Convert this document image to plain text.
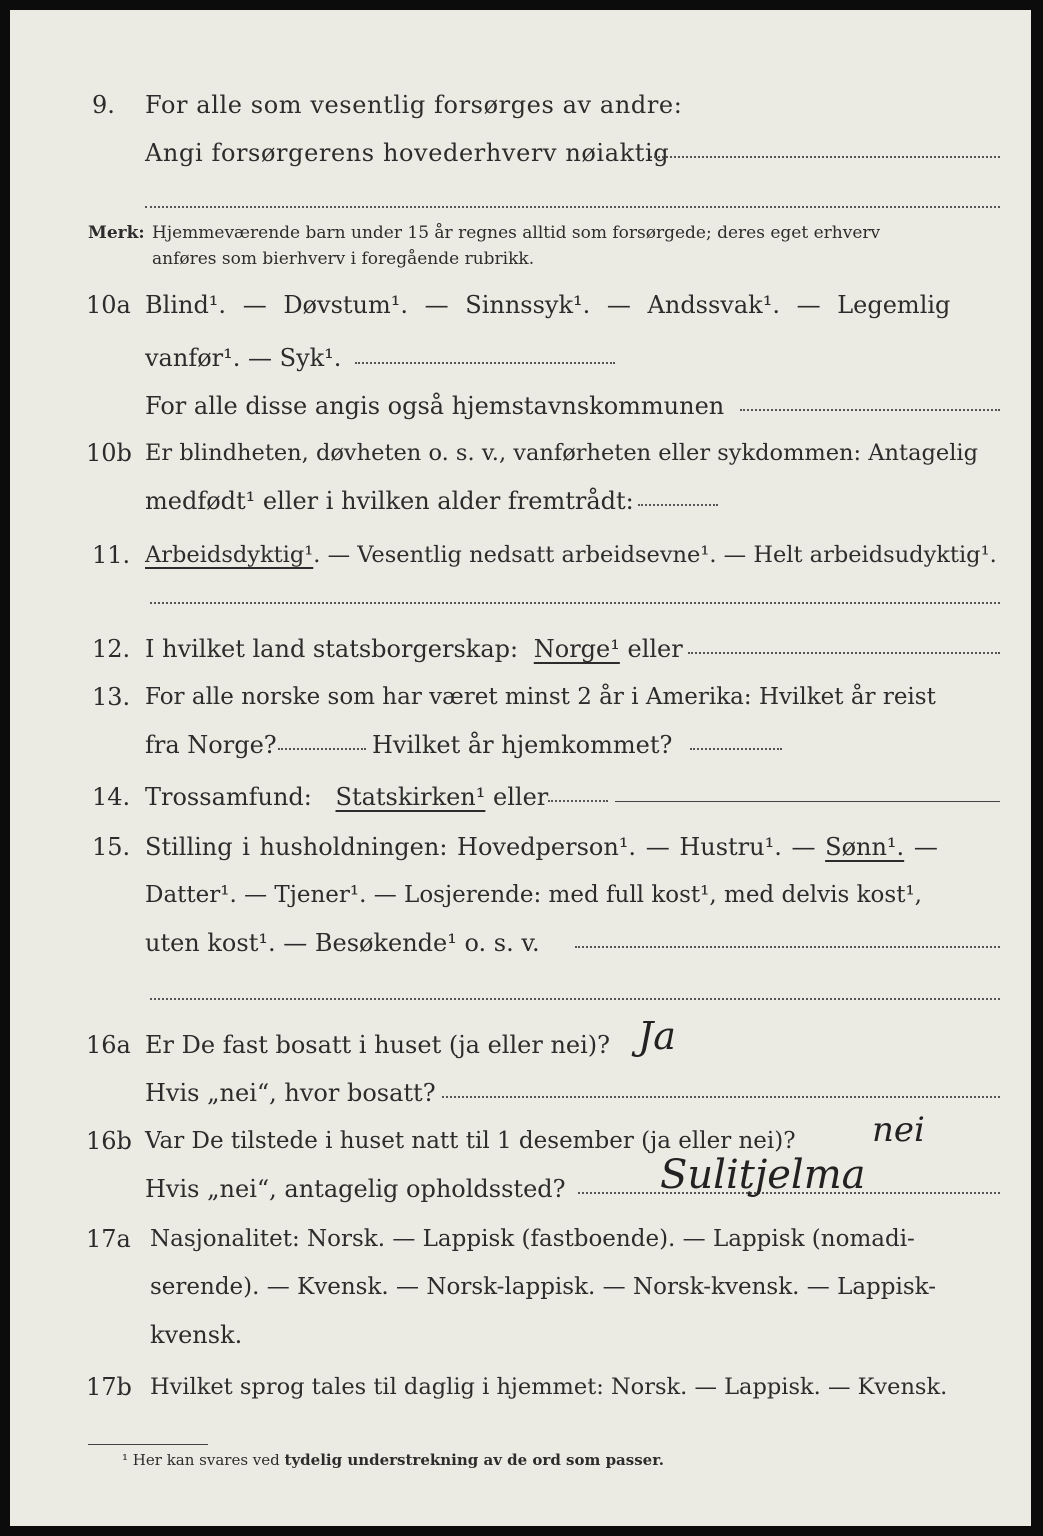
9. For alle som vesentlig forsørges av andre:
Angi forsørgerens hovederhverv nøiaktig
Merk: Hjemmeværende barn under 15 år regnes alltid som forsørgede; deres eget erhverv
anføres som bierhverv i foregående rubrikk.
10a Blind¹. — Døvstum¹. — Sinnssyk¹. — Andssvak¹. — Legemlig
vanfør¹. — Syk¹.
For alle disse angis også hjemstavnskommunen
10b Er blindheten, døvheten o. s. v., vanførheten eller sykdommen: Antagelig
medfødt¹ eller i hvilken alder fremtrådt:
11. Arbeidsdyktig¹. — Vesentlig nedsatt arbeidsevne¹. — Helt arbeidsudyktig¹.
12. I hvilket land statsborgerskap: Norge¹ eller
13. For alle norske som har været minst 2 år i Amerika: Hvilket år reist
fra Norge?	Hvilket år hjemkommet?
14. Trossamfund: Statskirken¹ eller
15. Stilling i husholdningen: Hovedperson¹. — Hustru¹. — Sønn¹. —
Datter¹. — Tjener¹. — Losjerende: med full kost¹, med delvis kost¹,
uten kost¹. — Besøkende¹ o. s. v.
16a Er De fast bosatt i huset (ja eller nei)? Ja
Hvis „nei“, hvor bosatt?
16b Var De tilstede i huset natt til 1 desember (ja eller nei)? nei
Hvis „nei“, antagelig opholdssted? Sulitjelma
17a Nasjonalitet: Norsk. — Lappisk (fastboende). — Lappisk (nomadi-
serende). — Kvensk. — Norsk-lappisk. — Norsk-kvensk. — Lappisk-
kvensk.
17b Hvilket sprog tales til daglig i hjemmet: Norsk. — Lappisk. — Kvensk.
¹ Her kan svares ved tydelig understrekning av de ord som passer.
